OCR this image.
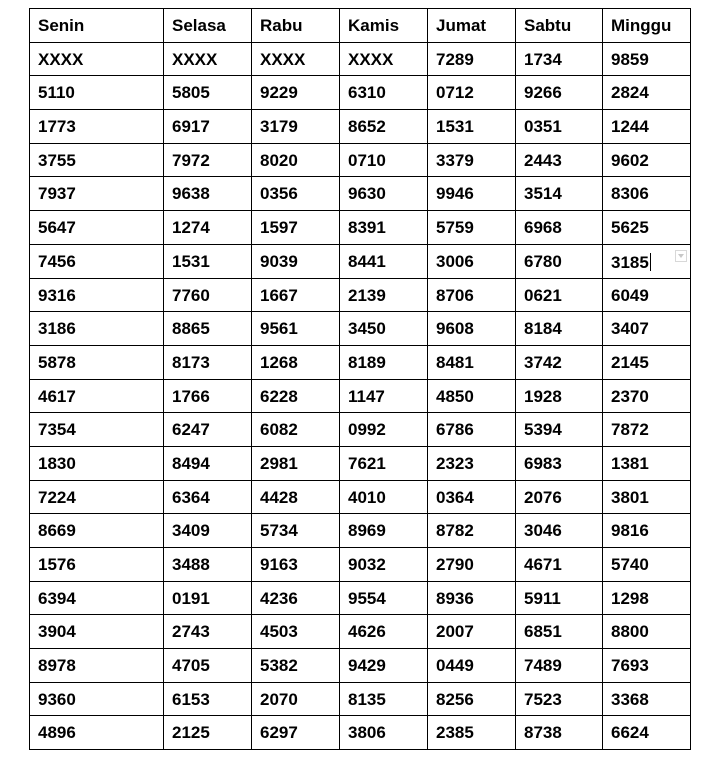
Senin	Selasa	Rabu	Kamis	Jumat	Sabtu	Minggu
XXXX	XXXX	XXXX	XXXX	7289	1734	9859
5110	5805	9229	6310	0712	9266	2824
1773	6917	3179	8652	1531	0351	1244
3755	7972	8020	0710	3379	2443	9602
7937	9638	0356	9630	9946	3514	8306
5647	1274	1597	8391	5759	6968	5625
7456	1531	9039	8441	3006	6780	3185

9316	7760	1667	2139	8706	0621	6049
3186	8865	9561	3450	9608	8184	3407
5878	8173	1268	8189	8481	3742	2145
4617	1766	6228	1147	4850	1928	2370
7354	6247	6082	0992	6786	5394	7872
1830	8494	2981	7621	2323	6983	1381
7224	6364	4428	4010	0364	2076	3801
8669	3409	5734	8969	8782	3046	9816
1576	3488	9163	9032	2790	4671	5740
6394	0191	4236	9554	8936	5911	1298
3904	2743	4503	4626	2007	6851	8800
8978	4705	5382	9429	0449	7489	7693
9360	6153	2070	8135	8256	7523	3368
4896	2125	6297	3806	2385	8738	6624
